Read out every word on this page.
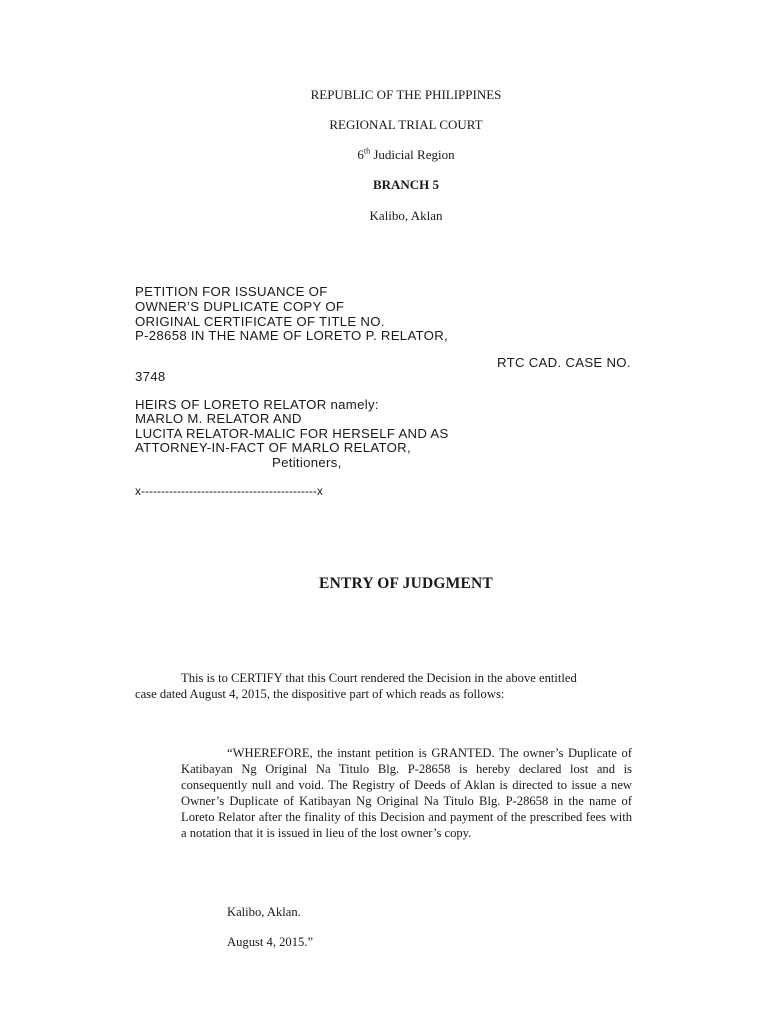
REPUBLIC OF THE PHILIPPINES
REGIONAL TRIAL COURT
6th Judicial Region
BRANCH 5
Kalibo, Aklan
PETITION FOR ISSUANCE OF
OWNER’S DUPLICATE COPY OF
ORIGINAL CERTIFICATE OF TITLE NO.
P-28658 IN THE NAME OF LORETO P. RELATOR,
RTC CAD. CASE NO.
3748
HEIRS OF LORETO RELATOR namely:
MARLO M. RELATOR AND
LUCITA RELATOR-MALIC FOR HERSELF AND AS
ATTORNEY-IN-FACT OF MARLO RELATOR,
Petitioners,
x--------------------------------------------x
ENTRY OF JUDGMENT
This is to CERTIFY that this Court rendered the Decision in the above entitled
case dated August 4, 2015, the dispositive part of which reads as follows:

“WHEREFORE, the instant petition is GRANTED. The owner’s Duplicate of Katibayan Ng Original Na Titulo Blg. P-28658 is hereby declared lost and is consequently null and void. The Registry of Deeds of Aklan is directed to issue a new Owner’s Duplicate of Katibayan Ng Original Na Titulo Blg. P-28658 in the name of Loreto Relator after the finality of this Decision and payment of the prescribed fees with a notation that it is issued in lieu of the lost owner’s copy.

Kalibo, Aklan.
August 4, 2015.”
